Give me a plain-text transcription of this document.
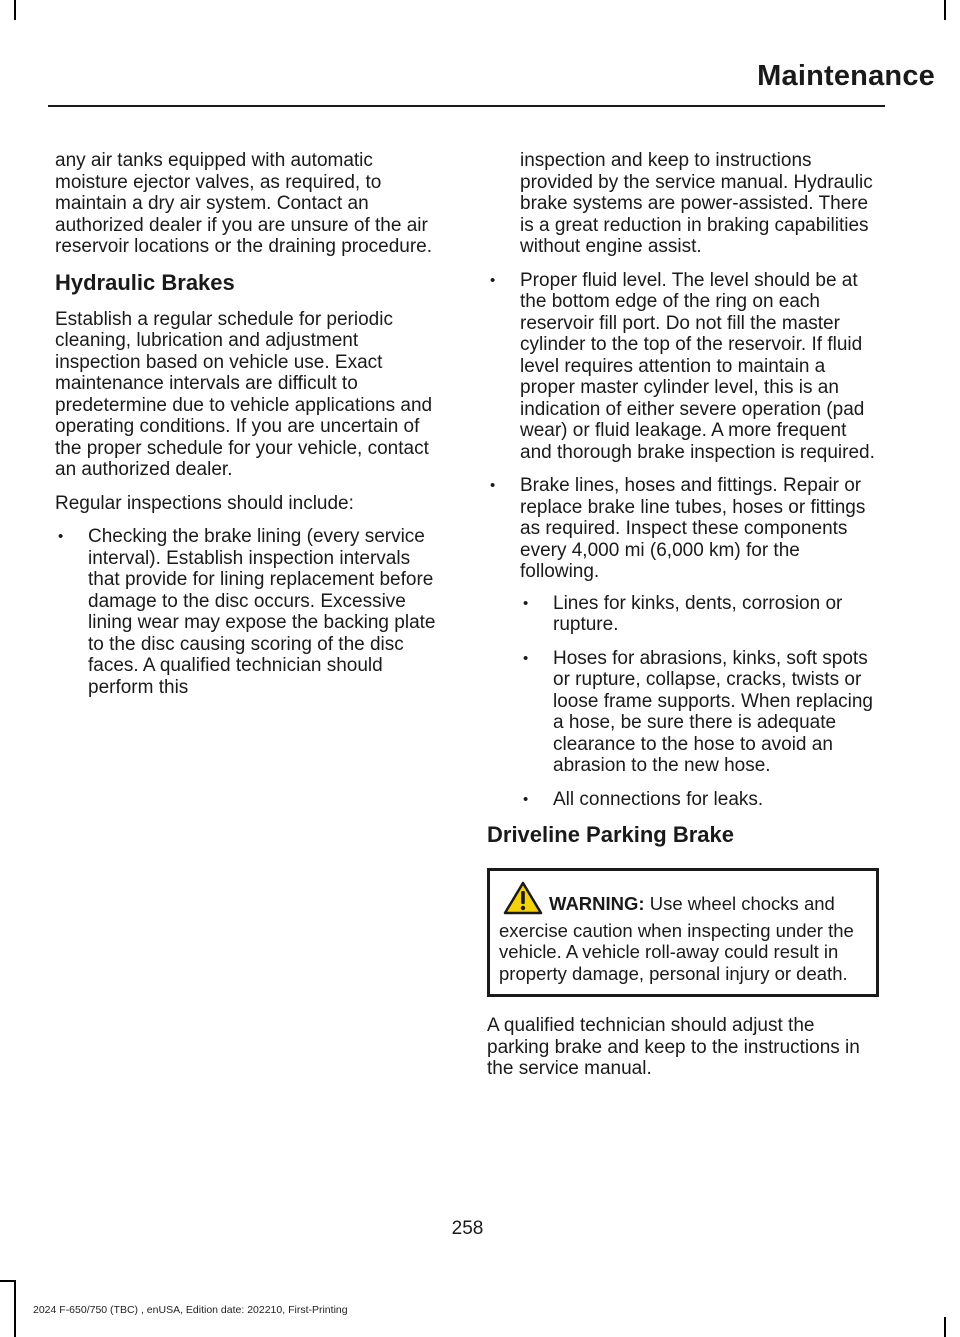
Maintenance

any air tanks equipped with automatic moisture ejector valves, as required, to maintain a dry air system. Contact an authorized dealer if you are unsure of the air reservoir locations or the draining procedure.

Hydraulic Brakes

Establish a regular schedule for periodic cleaning, lubrication and adjustment inspection based on vehicle use. Exact maintenance intervals are difficult to predetermine due to vehicle applications and operating conditions. If you are uncertain of the proper schedule for your vehicle, contact an authorized dealer.

Regular inspections should include:

• Checking the brake lining (every service interval). Establish inspection intervals that provide for lining replacement before damage to the disc occurs. Excessive lining wear may expose the backing plate to the disc causing scoring of the disc faces. A qualified technician should perform this
inspection and keep to instructions provided by the service manual. Hydraulic brake systems are power-assisted. There is a great reduction in braking capabilities without engine assist.
• Proper fluid level. The level should be at the bottom edge of the ring on each reservoir fill port. Do not fill the master cylinder to the top of the reservoir. If fluid level requires attention to maintain a proper master cylinder level, this is an indication of either severe operation (pad wear) or fluid leakage. A more frequent and thorough brake inspection is required.
• Brake lines, hoses and fittings. Repair or replace brake line tubes, hoses or fittings as required. Inspect these components every 4,000 mi (6,000 km) for the following.
• Lines for kinks, dents, corrosion or rupture.
• Hoses for abrasions, kinks, soft spots or rupture, collapse, cracks, twists or loose frame supports. When replacing a hose, be sure there is adequate clearance to the hose to avoid an abrasion to the new hose.
• All connections for leaks.
Driveline Parking Brake
WARNING: Use wheel chocks and exercise caution when inspecting under the vehicle. A vehicle roll-away could result in property damage, personal injury or death.

A qualified technician should adjust the parking brake and keep to the instructions in the service manual.

258
2024 F-650/750 (TBC) , enUSA, Edition date: 202210, First-Printing
